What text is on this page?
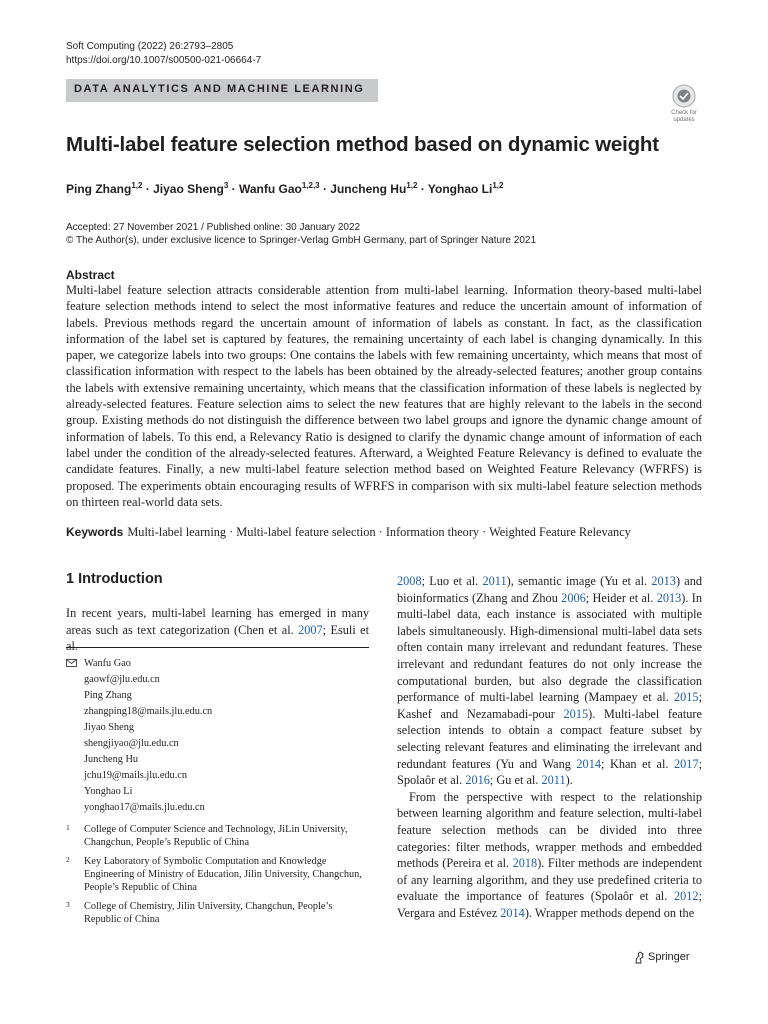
Soft Computing (2022) 26:2793–2805
https://doi.org/10.1007/s00500-021-06664-7
DATA ANALYTICS AND MACHINE LEARNING
Check for
updates
Multi-label feature selection method based on dynamic weight
Ping Zhang$^{1,2}$ · Jiyao Sheng$^3$ · Wanfu Gao$^{1,2,3}$ · Juncheng Hu$^{1,2}$ · Yonghao Li$^{1,2}$
Accepted: 27 November 2021 / Published online: 30 January 2022
© The Author(s), under exclusive licence to Springer-Verlag GmbH Germany, part of Springer Nature 2021
Abstract
Multi-label feature selection attracts considerable attention from multi-label learning. Information theory-based multi-label feature selection methods intend to select the most informative features and reduce the uncertain amount of information of labels. Previous methods regard the uncertain amount of information of labels as constant. In fact, as the classification information of the label set is captured by features, the remaining uncertainty of each label is changing dynamically. In this paper, we categorize labels into two groups: One contains the labels with few remaining uncertainty, which means that most of classification information with respect to the labels has been obtained by the already-selected features; another group contains the labels with extensive remaining uncertainty, which means that the classification information of these labels is neglected by already-selected features. Feature selection aims to select the new features that are highly relevant to the labels in the second group. Existing methods do not distinguish the difference between two label groups and ignore the dynamic change amount of information of labels. To this end, a Relevancy Ratio is designed to clarify the dynamic change amount of information of each label under the condition of the already-selected features. Afterward, a Weighted Feature Relevancy is defined to evaluate the candidate features. Finally, a new multi-label feature selection method based on Weighted Feature Relevancy (WFRFS) is proposed. The experiments obtain encouraging results of WFRFS in comparison with six multi-label feature selection methods on thirteen real-world data sets.
Keywords Multi-label learning · Multi-label feature selection · Information theory · Weighted Feature Relevancy
1 Introduction
In recent years, multi-label learning has emerged in many areas such as text categorization (Chen et al. 2007; Esuli et
Wanfu Gao
gaowf@jlu.edu.cn
Ping Zhang
zhangping18@mails.jlu.edu.cn
Jiyao Sheng
shengjiyao@jlu.edu.cn
Juncheng Hu
jchu19@mails.jlu.edu.cn
Yonghao Li
yonghao17@mails.jlu.edu.cn
1 College of Computer Science and Technology, JiLin University, Changchun, People’s Republic of China
2 Key Laboratory of Symbolic Computation and Knowledge Engineering of Ministry of Education, Jilin University, Changchun, People’s Republic of China
3 College of Chemistry, Jilin University, Changchun, People’s Republic of China

2008; Luo et al. 2011), semantic image (Yu et al. 2013) and bioinformatics (Zhang and Zhou 2006; Heider et al. 2013). In multi-label data, each instance is associated with multiple labels simultaneously. High-dimensional multi-label data sets often contain many irrelevant and redundant features. These irrelevant and redundant features do not only increase the computational burden, but also degrade the classification performance of multi-label learning (Mampaey et al. 2015; Kashef and Nezamabadi-pour 2015). Multi-label feature selection intends to obtain a compact feature subset by selecting relevant features and eliminating the irrelevant and redundant features (Yu and Wang 2014; Khan et al. 2017; Spolaôr et al. 2016; Gu et al. 2011).

From the perspective with respect to the relationship between learning algorithm and feature selection, multi-label feature selection methods can be divided into three categories: filter methods, wrapper methods and embedded methods (Pereira et al. 2018). Filter methods are independent of any learning algorithm, and they use predefined criteria to evaluate the importance of features (Spolaôr et al. 2012; Vergara and Estévez 2014). Wrapper methods depend on the

Springer
